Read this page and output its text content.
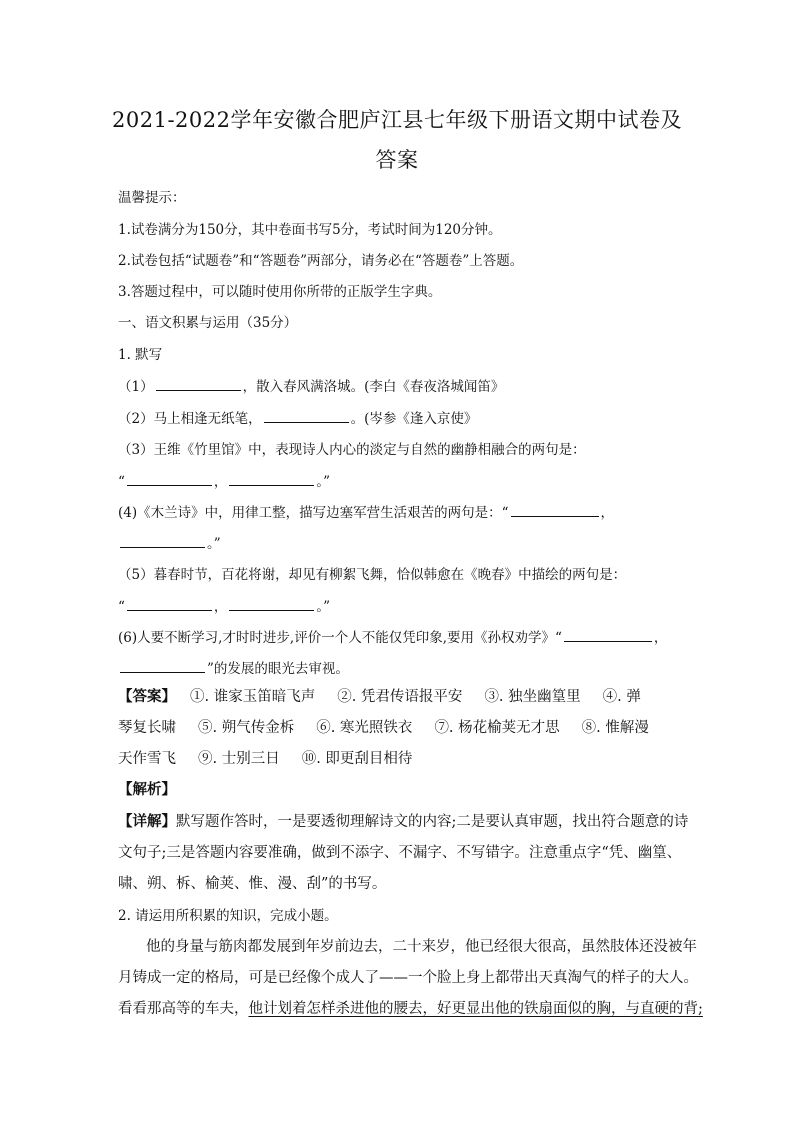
2021-2022学年安徽合肥庐江县七年级下册语文期中试卷及
答案
温馨提示：
1.试卷满分为150分，其中卷面书写5分，考试时间为120分钟。
2.试卷包括“试题卷”和“答题卷”两部分，请务必在“答题卷”上答题。
3.答题过程中，可以随时使用你所带的正版学生字典。
一、语文积累与运用（35分）
1. 默写
（1）	，散入春风满洛城。(李白《春夜洛城闻笛》
（2）马上相逢无纸笔，	。(岑参《逢入京使》
（3）王维《竹里馆》中，表现诗人内心的淡定与自然的幽静相融合的两句是：
“	，	。”
(4)《木兰诗》中，用律工整，描写边塞军营生活艰苦的两句是：“	，
。”
（5）暮春时节，百花将谢，却见有柳絮飞舞，恰似韩愈在《晚春》中描绘的两句是：
“	，	。”
(6)人要不断学习,才时时进步,评价一个人不能仅凭印象,要用《孙权劝学》“	，
”的发展的眼光去审视。
【答案】 ①. 谁家玉笛暗飞声 ②. 凭君传语报平安 ③. 独坐幽篁里 ④. 弹
琴复长啸 ⑤. 朔气传金柝 ⑥. 寒光照铁衣 ⑦. 杨花榆荚无才思 ⑧. 惟解漫
天作雪飞 ⑨. 士别三日 ⑩. 即更刮目相待
【解析】
【详解】默写题作答时，一是要透彻理解诗文的内容;二是要认真审题，找出符合题意的诗
文句子;三是答题内容要准确，做到不添字、不漏字、不写错字。注意重点字“凭、幽篁、
啸、朔、柝、榆荚、惟、漫、刮”的书写。
2. 请运用所积累的知识，完成小题。
他的身量与筋肉都发展到年岁前边去，二十来岁，他已经很大很高，虽然肢体还没被年
月铸成一定的格局，可是已经像个成人了——一个脸上身上都带出天真淘气的样子的大人。
看看那高等的车夫，他计划着怎样杀进他的腰去，好更显出他的铁扇面似的胸，与直硬的背;
